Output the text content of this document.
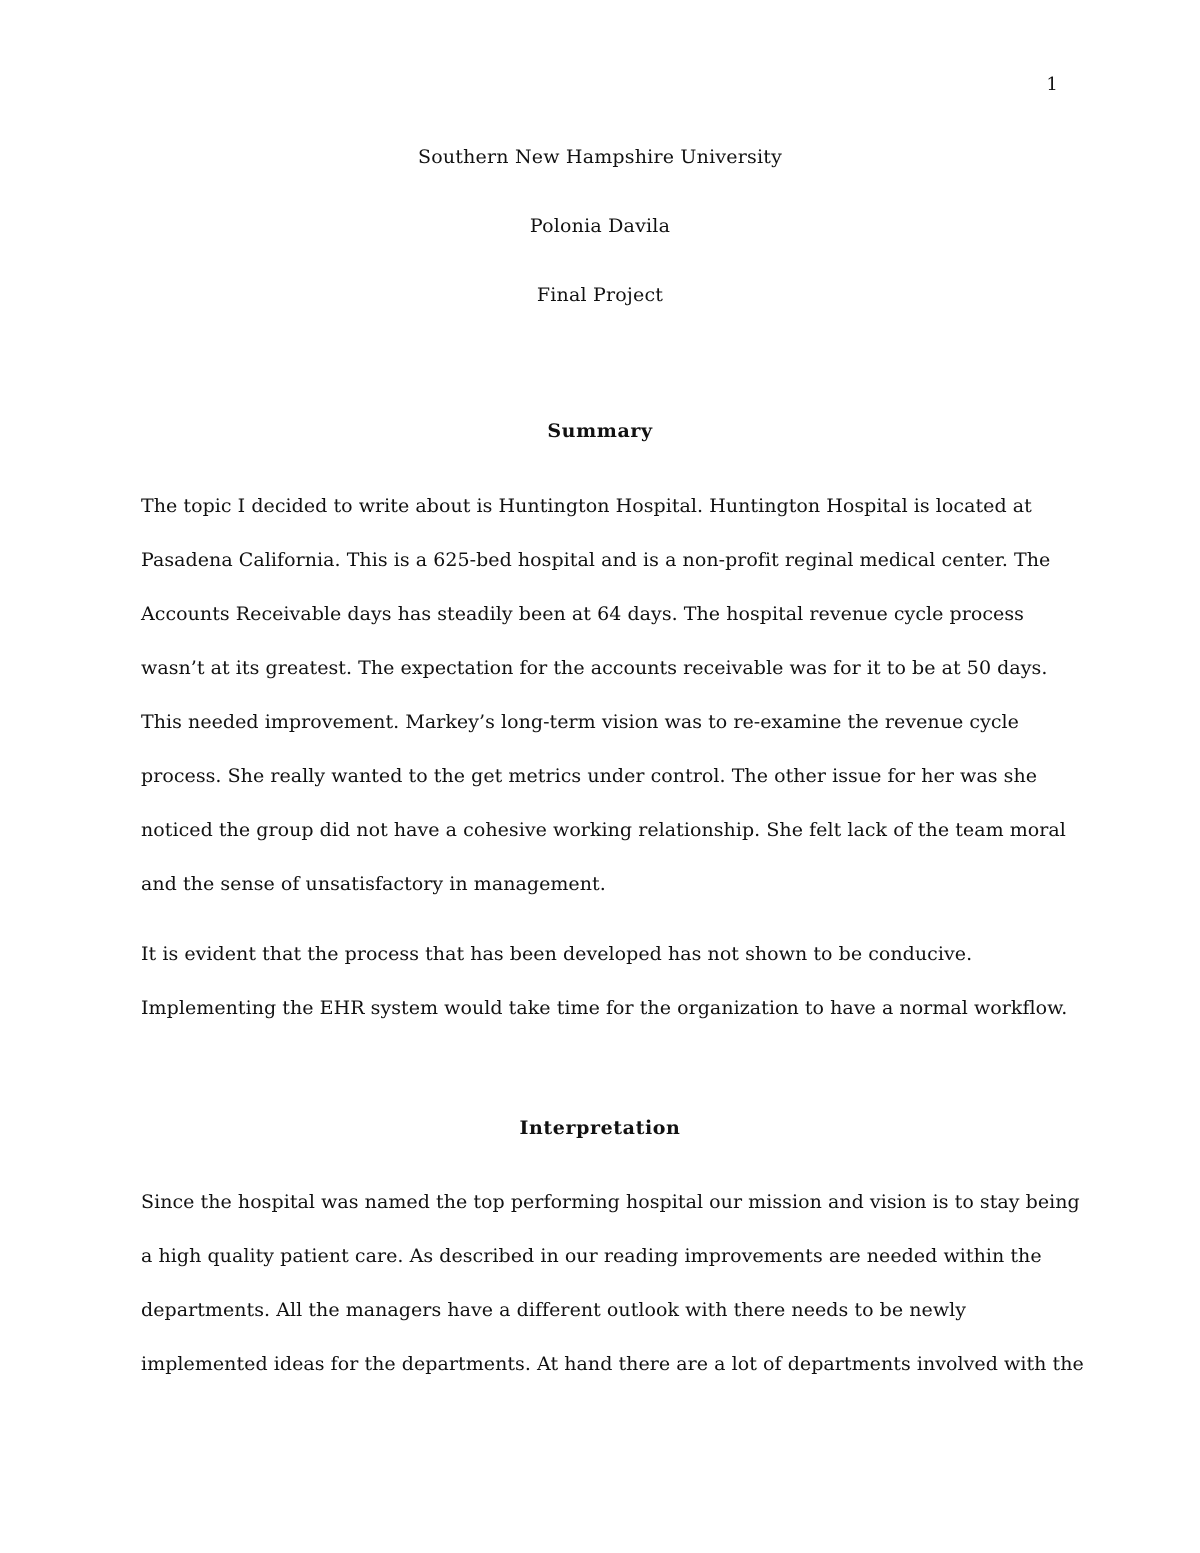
1
Southern New Hampshire University
Polonia Davila
Final Project
Summary
The topic I decided to write about is Huntington Hospital. Huntington Hospital is located at
Pasadena California. This is a 625-bed hospital and is a non-profit reginal medical center. The
Accounts Receivable days has steadily been at 64 days. The hospital revenue cycle process
wasn’t at its greatest. The expectation for the accounts receivable was for it to be at 50 days.
This needed improvement. Markey’s long-term vision was to re-examine the revenue cycle
process. She really wanted to the get metrics under control. The other issue for her was she
noticed the group did not have a cohesive working relationship. She felt lack of the team moral
and the sense of unsatisfactory in management.
It is evident that the process that has been developed has not shown to be conducive.
Implementing the EHR system would take time for the organization to have a normal workflow.
Interpretation
Since the hospital was named the top performing hospital our mission and vision is to stay being
a high quality patient care. As described in our reading improvements are needed within the
departments. All the managers have a different outlook with there needs to be newly
implemented ideas for the departments. At hand there are a lot of departments involved with the
